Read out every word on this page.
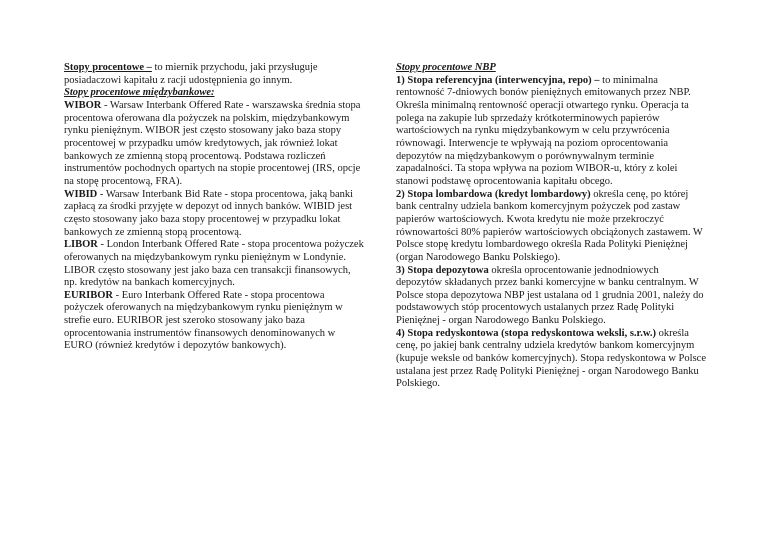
Stopy procentowe – to miernik przychodu, jaki przysługuje posiadaczowi kapitału z racji udostępnienia go innym.

Stopy procentowe międzybankowe:

WIBOR - Warsaw Interbank Offered Rate - warszawska średnia stopa procentowa oferowana dla pożyczek na polskim, międzybankowym rynku pieniężnym. WIBOR jest często stosowany jako baza stopy procentowej w przypadku umów kredytowych, jak również lokat bankowych ze zmienną stopą procentową. Podstawa rozliczeń instrumentów pochodnych opartych na stopie procentowej (IRS, opcje na stopę procentową, FRA).

WIBID - Warsaw Interbank Bid Rate - stopa procentowa, jaką banki zapłacą za środki przyjęte w depozyt od innych banków. WIBID jest często stosowany jako baza stopy procentowej w przypadku lokat bankowych ze zmienną stopą procentową.

LIBOR - London Interbank Offered Rate - stopa procentowa pożyczek oferowanych na międzybankowym rynku pieniężnym w Londynie. LIBOR często stosowany jest jako baza cen transakcji finansowych, np. kredytów na bankach komercyjnych.

EURIBOR - Euro Interbank Offered Rate - stopa procentowa pożyczek oferowanych na międzybankowym rynku pieniężnym w strefie euro. EURIBOR jest szeroko stosowany jako baza oprocentowania instrumentów finansowych denominowanych w EURO (również kredytów i depozytów bankowych).

Stopy procentowe NBP

1) Stopa referencyjna (interwencyjna, repo) – to minimalna rentowność 7-dniowych bonów pieniężnych emitowanych przez NBP. Określa minimalną rentowność operacji otwartego rynku. Operacja ta polega na zakupie lub sprzedaży krótkoterminowych papierów wartościowych na rynku międzybankowym w celu przywrócenia równowagi. Interwencje te wpływają na poziom oprocentowania depozytów na międzybankowym o porównywalnym terminie zapadalności. Ta stopa wpływa na poziom WIBOR-u, który z kolei stanowi podstawę oprocentowania kapitału obcego.

2) Stopa lombardowa (kredyt lombardowy) określa cenę, po której bank centralny udziela bankom komercyjnym pożyczek pod zastaw papierów wartościowych. Kwota kredytu nie może przekroczyć równowartości 80% papierów wartościowych obciążonych zastawem. W Polsce stopę kredytu lombardowego określa Rada Polityki Pieniężnej (organ Narodowego Banku Polskiego).

3) Stopa depozytowa określa oprocentowanie jednodniowych depozytów składanych przez banki komercyjne w banku centralnym. W Polsce stopa depozytowa NBP jest ustalana od 1 grudnia 2001, należy do podstawowych stóp procentowych ustalanych przez Radę Polityki Pieniężnej - organ Narodowego Banku Polskiego.

4) Stopa redyskontowa (stopa redyskontowa weksli, s.r.w.) określa cenę, po jakiej bank centralny udziela kredytów bankom komercyjnym (kupuje weksle od banków komercyjnych). Stopa redyskontowa w Polsce ustalana jest przez Radę Polityki Pieniężnej - organ Narodowego Banku Polskiego.
